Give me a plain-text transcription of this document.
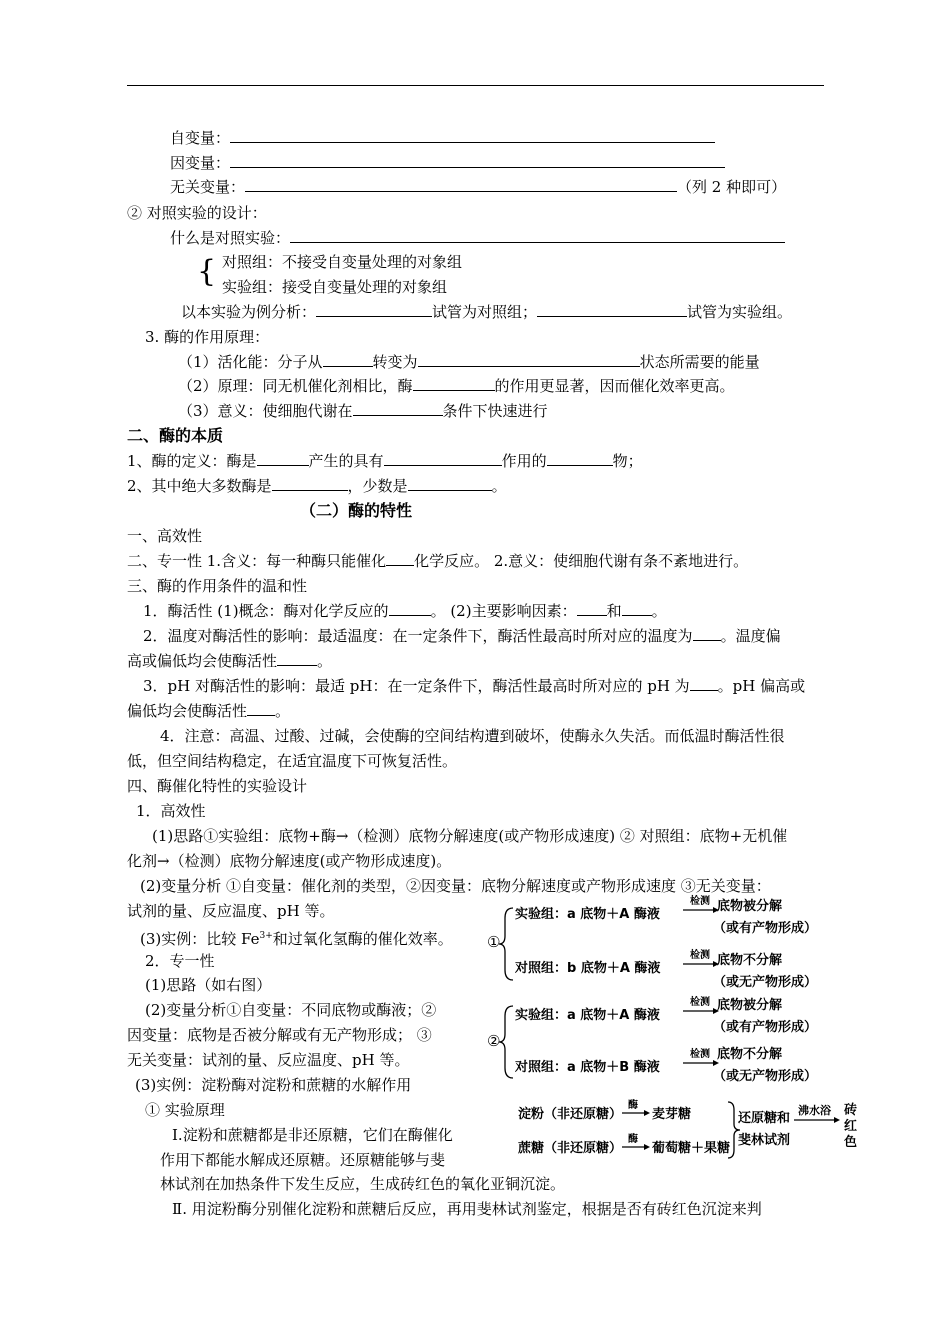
自变量：
因变量：
无关变量：	（列 2 种即可）
② 对照实验的设计：
什么是对照实验：
{ 对照组：不接受自变量处理的对象组
实验组：接受自变量处理的对象组
以本实验为例分析：	试管为对照组；	试管为实验组。
3. 酶的作用原理：
（1）活化能：分子从	转变为	状态所需要的能量
（2）原理：同无机催化剂相比，酶	的作用更显著，因而催化效率更高。
（3）意义：使细胞代谢在	条件下快速进行
二、酶的本质
1、酶的定义：酶是	产生的具有	作用的	物；
2、其中绝大多数酶是	，少数是	。
（二）酶的特性
一、高效性
二、专一性 1.含义：每一种酶只能催化 化学反应。 2.意义：使细胞代谢有条不紊地进行。
三、酶的作用条件的温和性
1．酶活性 (1)概念：酶对化学反应的	。 (2)主要影响因素： 和 。
2．温度对酶活性的影响：最适温度：在一定条件下，酶活性最高时所对应的温度为 。温度偏
高或偏低均会使酶活性	。
3．pH 对酶活性的影响：最适 pH：在一定条件下，酶活性最高时所对应的 pH 为 。pH 偏高或
偏低均会使酶活性 。
4．注意：高温、过酸、过碱，会使酶的空间结构遭到破坏，使酶永久失活。而低温时酶活性很
低，但空间结构稳定，在适宜温度下可恢复活性。
四、酶催化特性的实验设计
1．高效性
(1)思路①实验组：底物+酶→（检测）底物分解速度(或产物形成速度) ② 对照组：底物+无机催
化剂→（检测）底物分解速度(或产物形成速度)。
(2)变量分析 ①自变量：催化剂的类型，②因变量：底物分解速度或产物形成速度 ③无关变量：
试剂的量、反应温度、pH 等。
(3)实例：比较 $Fe^{3+}$和过氧化氢酶的催化效率。
2．专一性
(1)思路（如右图）
(2)变量分析①自变量：不同底物或酶液；②
因变量：底物是否被分解或有无产物形成； ③
无关变量：试剂的量、反应温度、pH 等。
(3)实例：淀粉酶对淀粉和蔗糖的水解作用
① 实验原理
Ⅰ.淀粉和蔗糖都是非还原糖，它们在酶催化
作用下都能水解成还原糖。还原糖能够与斐
林试剂在加热条件下发生反应，生成砖红色的氧化亚铜沉淀。
Ⅱ. 用淀粉酶分别催化淀粉和蔗糖后反应，再用斐林试剂鉴定，根据是否有砖红色沉淀来判
①
实验组：a 底物＋A 酶液
检测 底物被分解
（或有产物形成）
对照组：b 底物＋A 酶液
检测 底物不分解
（或无产物形成）
②
实验组：a 底物＋A 酶液
检测 底物被分解
（或有产物形成）
对照组：a 底物＋B 酶液
检测 底物不分解
（或无产物形成）
淀粉（非还原糖）
酶
麦芽糖
蔗糖（非还原糖）
酶
葡萄糖＋果糖
还原糖和
斐林试剂
沸水浴 砖
红
色
